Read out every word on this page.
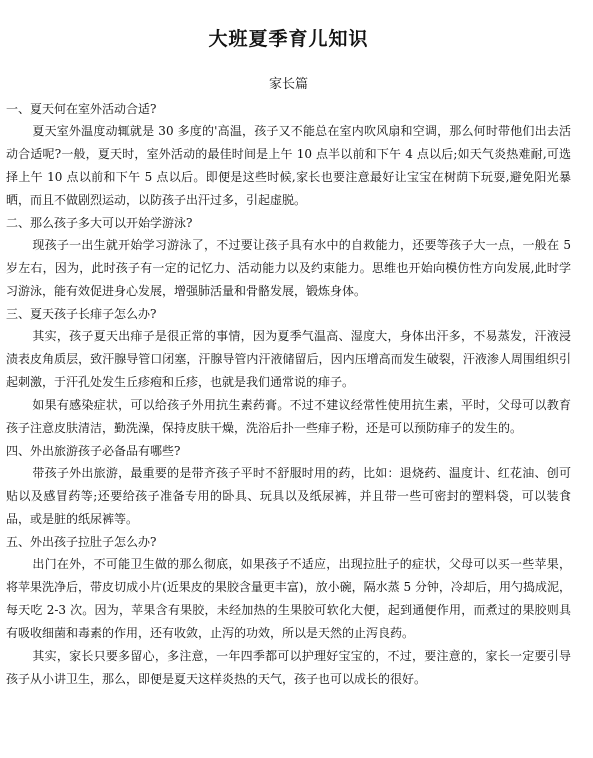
大班夏季育儿知识
家长篇

一、夏天何在室外活动合适?

夏天室外温度动辄就是 30 多度的'高温，孩子又不能总在室内吹风扇和空调，那么何时带他们出去活动合适呢?一般，夏天时，室外活动的最佳时间是上午 10 点半以前和下午 4 点以后;如天气炎热难耐,可选择上午 10 点以前和下午 5 点以后。即便是这些时候,家长也要注意最好让宝宝在树荫下玩耍,避免阳光暴晒，而且不做剧烈运动，以防孩子出汗过多，引起虚脱。

二、那么孩子多大可以开始学游泳?

现孩子一出生就开始学习游泳了，不过要让孩子具有水中的自救能力，还要等孩子大一点，一般在 5 岁左右，因为，此时孩子有一定的记忆力、活动能力以及约束能力。思维也开始向模仿性方向发展,此时学习游泳，能有效促进身心发展，增强肺活量和骨骼发展，锻炼身体。

三、夏天孩子长痱子怎么办?

其实，孩子夏天出痱子是很正常的事情，因为夏季气温高、湿度大，身体出汗多，不易蒸发，汗液浸渍表皮角质层，致汗腺导管口闭塞，汗腺导管内汗液储留后，因内压增高而发生破裂，汗液渗人周围组织引起刺激，于汗孔处发生丘疹疱和丘疹，也就是我们通常说的痱子。

如果有感染症状，可以给孩子外用抗生素药膏。不过不建议经常性使用抗生素，平时，父母可以教育孩子注意皮肤清洁，勤洗澡，保持皮肤干燥，洗浴后扑一些痱子粉，还是可以预防痱子的发生的。

四、外出旅游孩子必备品有哪些?

带孩子外出旅游，最重要的是带齐孩子平时不舒服时用的药，比如：退烧药、温度计、红花油、创可贴以及感冒药等;还要给孩子准备专用的卧具、玩具以及纸尿裤，并且带一些可密封的塑料袋，可以装食品，或是脏的纸尿裤等。

五、外出孩子拉肚子怎么办?

出门在外，不可能卫生做的那么彻底，如果孩子不适应，出现拉肚子的症状，父母可以买一些苹果，将苹果洗净后，带皮切成小片(近果皮的果胶含量更丰富)，放小碗，隔水蒸 5 分钟，冷却后，用勺捣成泥，每天吃 2-3 次。因为，苹果含有果胶，未经加热的生果胶可软化大便，起到通便作用，而煮过的果胶则具有吸收细菌和毒素的作用，还有收敛，止泻的功效，所以是天然的止泻良药。

其实，家长只要多留心，多注意，一年四季都可以护理好宝宝的，不过，要注意的，家长一定要引导孩子从小讲卫生，那么，即便是夏天这样炎热的天气，孩子也可以成长的很好。
